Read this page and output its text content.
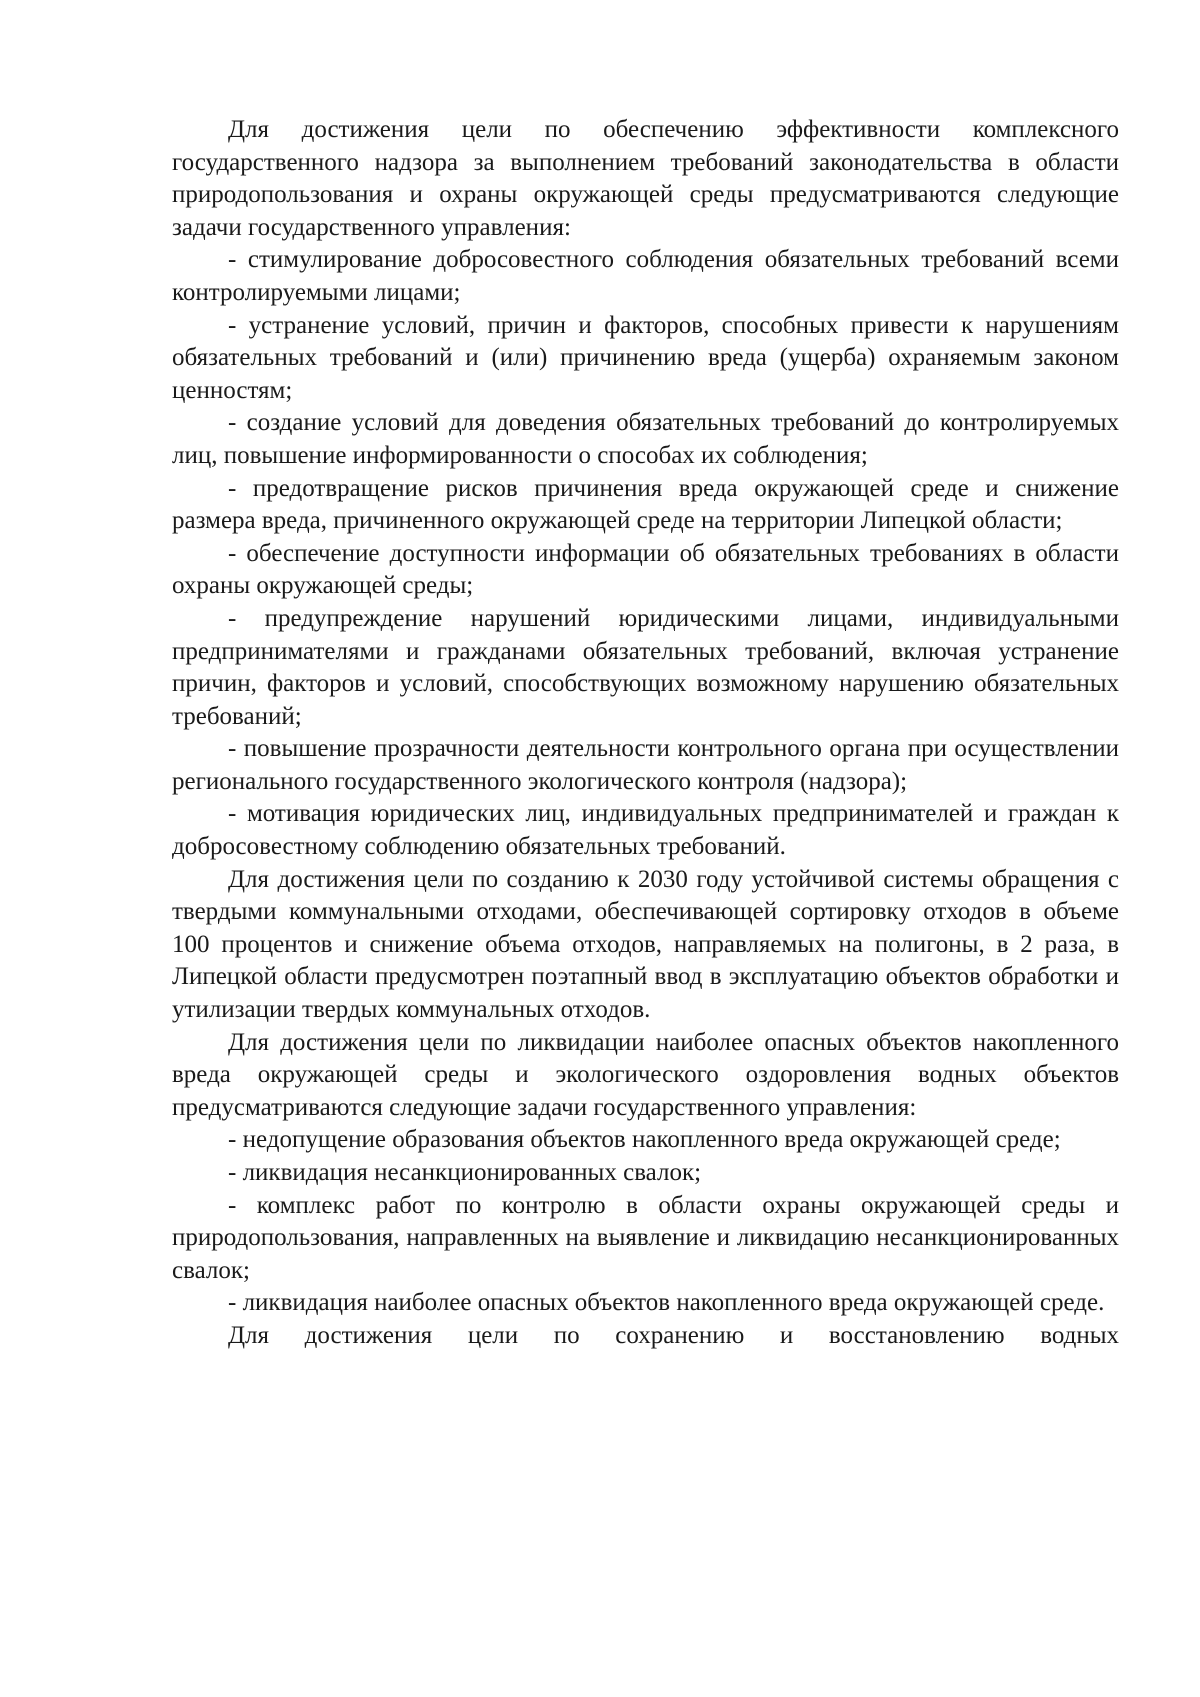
Для достижения цели по обеспечению эффективности комплексного государственного надзора за выполнением требований законодательства в области природопользования и охраны окружающей среды предусматриваются следующие задачи государственного управления:

- стимулирование добросовестного соблюдения обязательных требований всеми контролируемыми лицами;

- устранение условий, причин и факторов, способных привести к нарушениям обязательных требований и (или) причинению вреда (ущерба) охраняемым законом ценностям;

- создание условий для доведения обязательных требований до контролируемых лиц, повышение информированности о способах их соблюдения;

- предотвращение рисков причинения вреда окружающей среде и снижение размера вреда, причиненного окружающей среде на территории Липецкой области;

- обеспечение доступности информации об обязательных требованиях в области охраны окружающей среды;

- предупреждение нарушений юридическими лицами, индивидуальными предпринимателями и гражданами обязательных требований, включая устранение причин, факторов и условий, способствующих возможному нарушению обязательных требований;

- повышение прозрачности деятельности контрольного органа при осуществлении регионального государственного экологического контроля (надзора);

- мотивация юридических лиц, индивидуальных предпринимателей и граждан к добросовестному соблюдению обязательных требований.

Для достижения цели по созданию к 2030 году устойчивой системы обращения с твердыми коммунальными отходами, обеспечивающей сортировку отходов в объеме 100 процентов и снижение объема отходов, направляемых на полигоны, в 2 раза, в Липецкой области предусмотрен поэтапный ввод в эксплуатацию объектов обработки и утилизации твердых коммунальных отходов.

Для достижения цели по ликвидации наиболее опасных объектов накопленного вреда окружающей среды и экологического оздоровления водных объектов предусматриваются следующие задачи государственного управления:

- недопущение образования объектов накопленного вреда окружающей среде;

- ликвидация несанкционированных свалок;

- комплекс работ по контролю в области охраны окружающей среды и природопользования, направленных на выявление и ликвидацию несанкционированных свалок;

- ликвидация наиболее опасных объектов накопленного вреда окружающей среде.

Для достижения цели по сохранению и восстановлению водных
